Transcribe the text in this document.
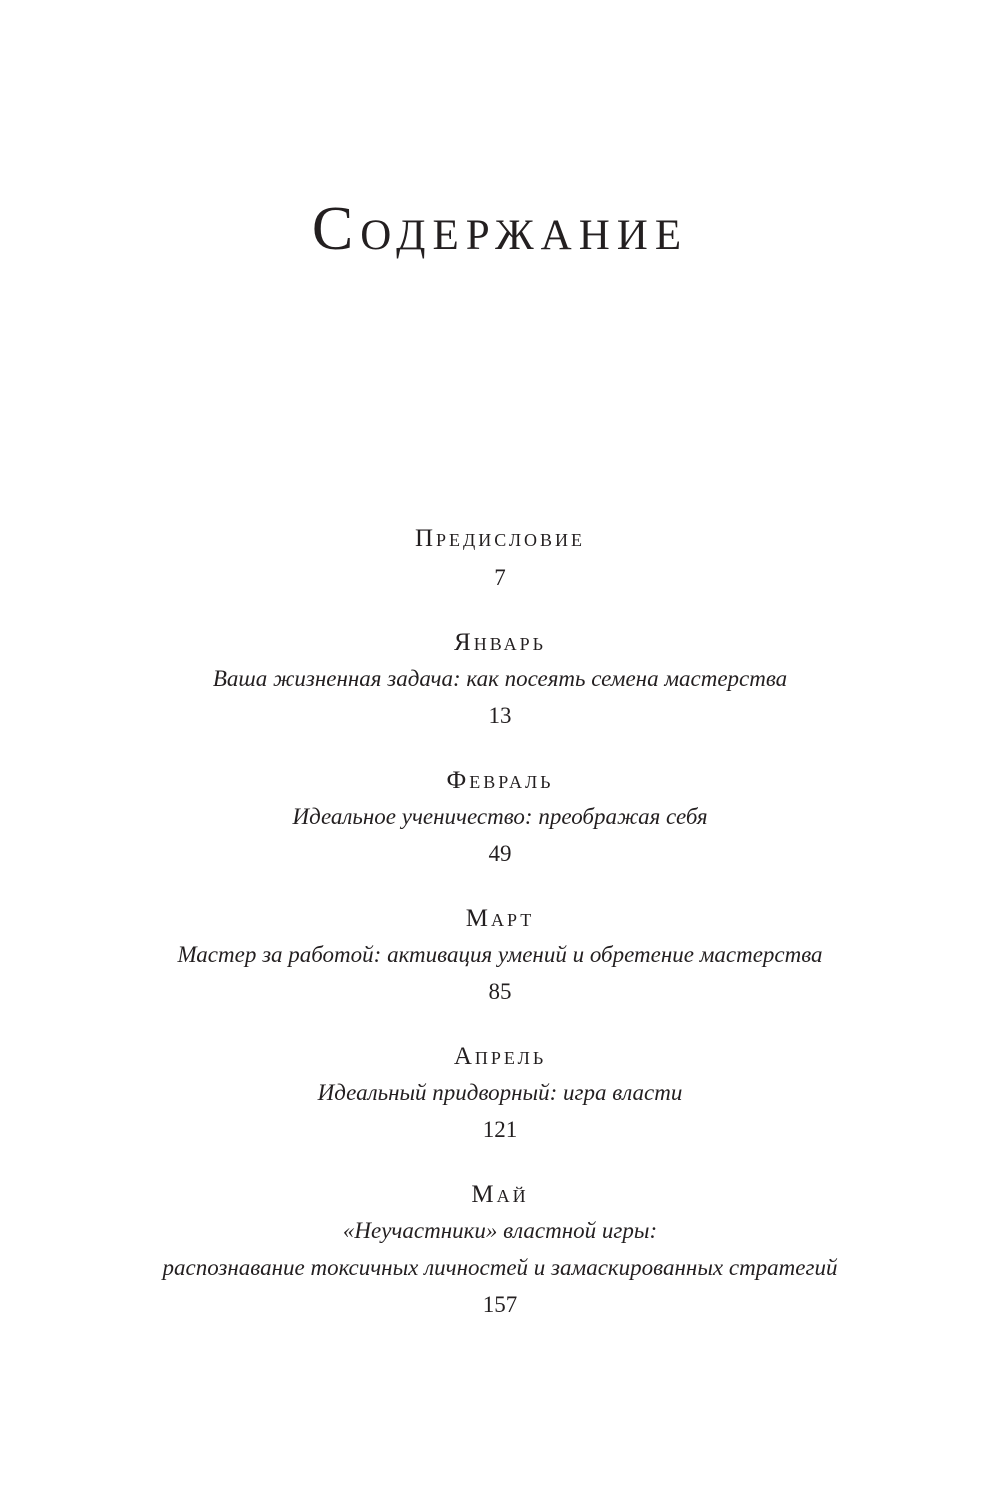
Содержание
Предисловие
7
Январь
Ваша жизненная задача: как посеять семена мастерства
13
Февраль
Идеальное ученичество: преображая себя
49
Март
Мастер за работой: активация умений и обретение мастерства
85
Апрель
Идеальный придворный: игра власти
121
Май
«Неучастники» властной игры:
распознавание токсичных личностей и замаскированных стратегий
157
